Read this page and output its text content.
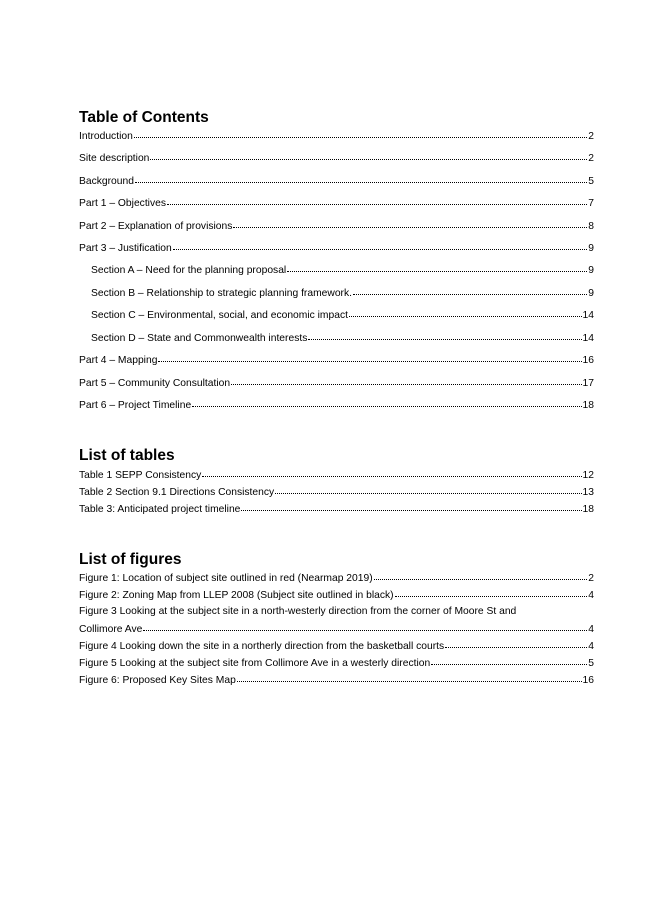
Table of Contents
Introduction	2
Site description	2
Background	5
Part 1 – Objectives	7
Part 2 – Explanation of provisions	8
Part 3 – Justification	9
Section A – Need for the planning proposal	9
Section B – Relationship to strategic planning framework.	9
Section C – Environmental, social, and economic impact	14
Section D – State and Commonwealth interests	14
Part 4 – Mapping	16
Part 5 – Community Consultation	17
Part 6 – Project Timeline	18
List of tables
Table 1 SEPP Consistency	12
Table 2 Section 9.1 Directions Consistency	13
Table 3: Anticipated project timeline	18
List of figures
Figure 1: Location of subject site outlined in red (Nearmap 2019)	2
Figure 2: Zoning Map from LLEP 2008 (Subject site outlined in black)	4
Figure 3 Looking at the subject site in a north-westerly direction from the corner of Moore St and
Collimore Ave	4
Figure 4 Looking down the site in a northerly direction from the basketball courts	4
Figure 5 Looking at the subject site from Collimore Ave in a westerly direction	5
Figure 6: Proposed Key Sites Map	16
